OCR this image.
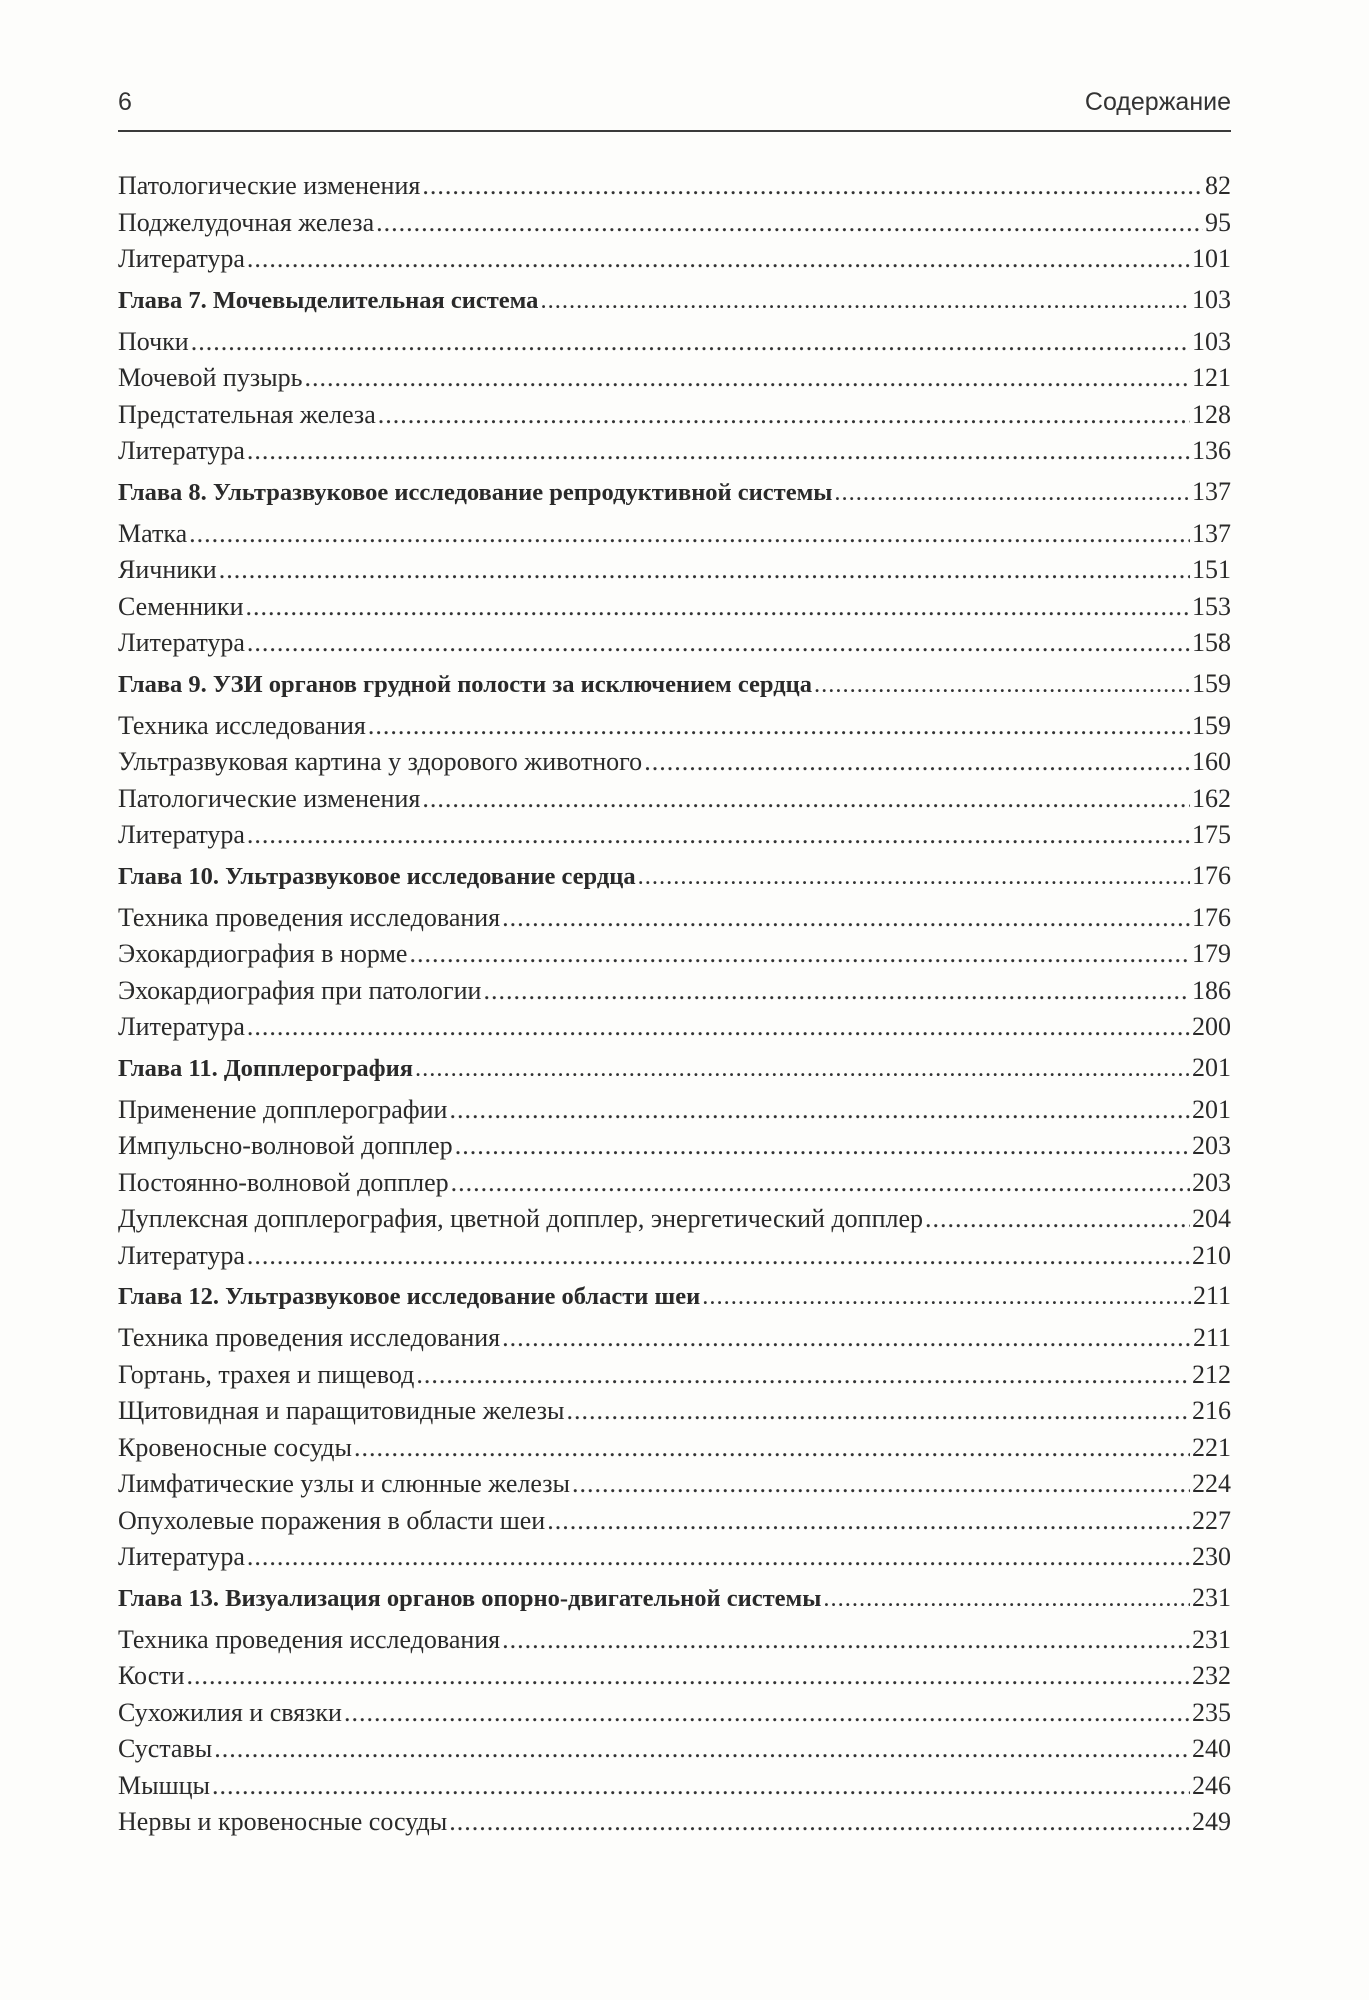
6	Содержание
Патологические изменения .....	82
Поджелудочная железа .....	95
Литература .....	101
Глава 7. Мочевыделительная система .....	103
Почки .....	103
Мочевой пузырь .....	121
Предстательная железа .....	128
Литература .....	136
Глава 8. Ультразвуковое исследование репродуктивной системы .....	137
Матка .....	137
Яичники .....	151
Семенники .....	153
Литература .....	158
Глава 9. УЗИ органов грудной полости за исключением сердца .....	159
Техника исследования .....	159
Ультразвуковая картина у здорового животного .....	160
Патологические изменения .....	162
Литература .....	175
Глава 10. Ультразвуковое исследование сердца .....	176
Техника проведения исследования .....	176
Эхокардиография в норме .....	179
Эхокардиография при патологии .....	186
Литература .....	200
Глава 11. Допплерография .....	201
Применение допплерографии .....	201
Импульсно-волновой допплер .....	203
Постоянно-волновой допплер .....	203
Дуплексная допплерография, цветной допплер, энергетический допплер .....	204
Литература .....	210
Глава 12. Ультразвуковое исследование области шеи .....	211
Техника проведения исследования .....	211
Гортань, трахея и пищевод .....	212
Щитовидная и паращитовидные железы .....	216
Кровеносные сосуды .....	221
Лимфатические узлы и слюнные железы .....	224
Опухолевые поражения в области шеи .....	227
Литература .....	230
Глава 13. Визуализация органов опорно-двигательной системы .....	231
Техника проведения исследования .....	231
Кости .....	232
Сухожилия и связки .....	235
Суставы .....	240
Мышцы .....	246
Нервы и кровеносные сосуды .....	249
